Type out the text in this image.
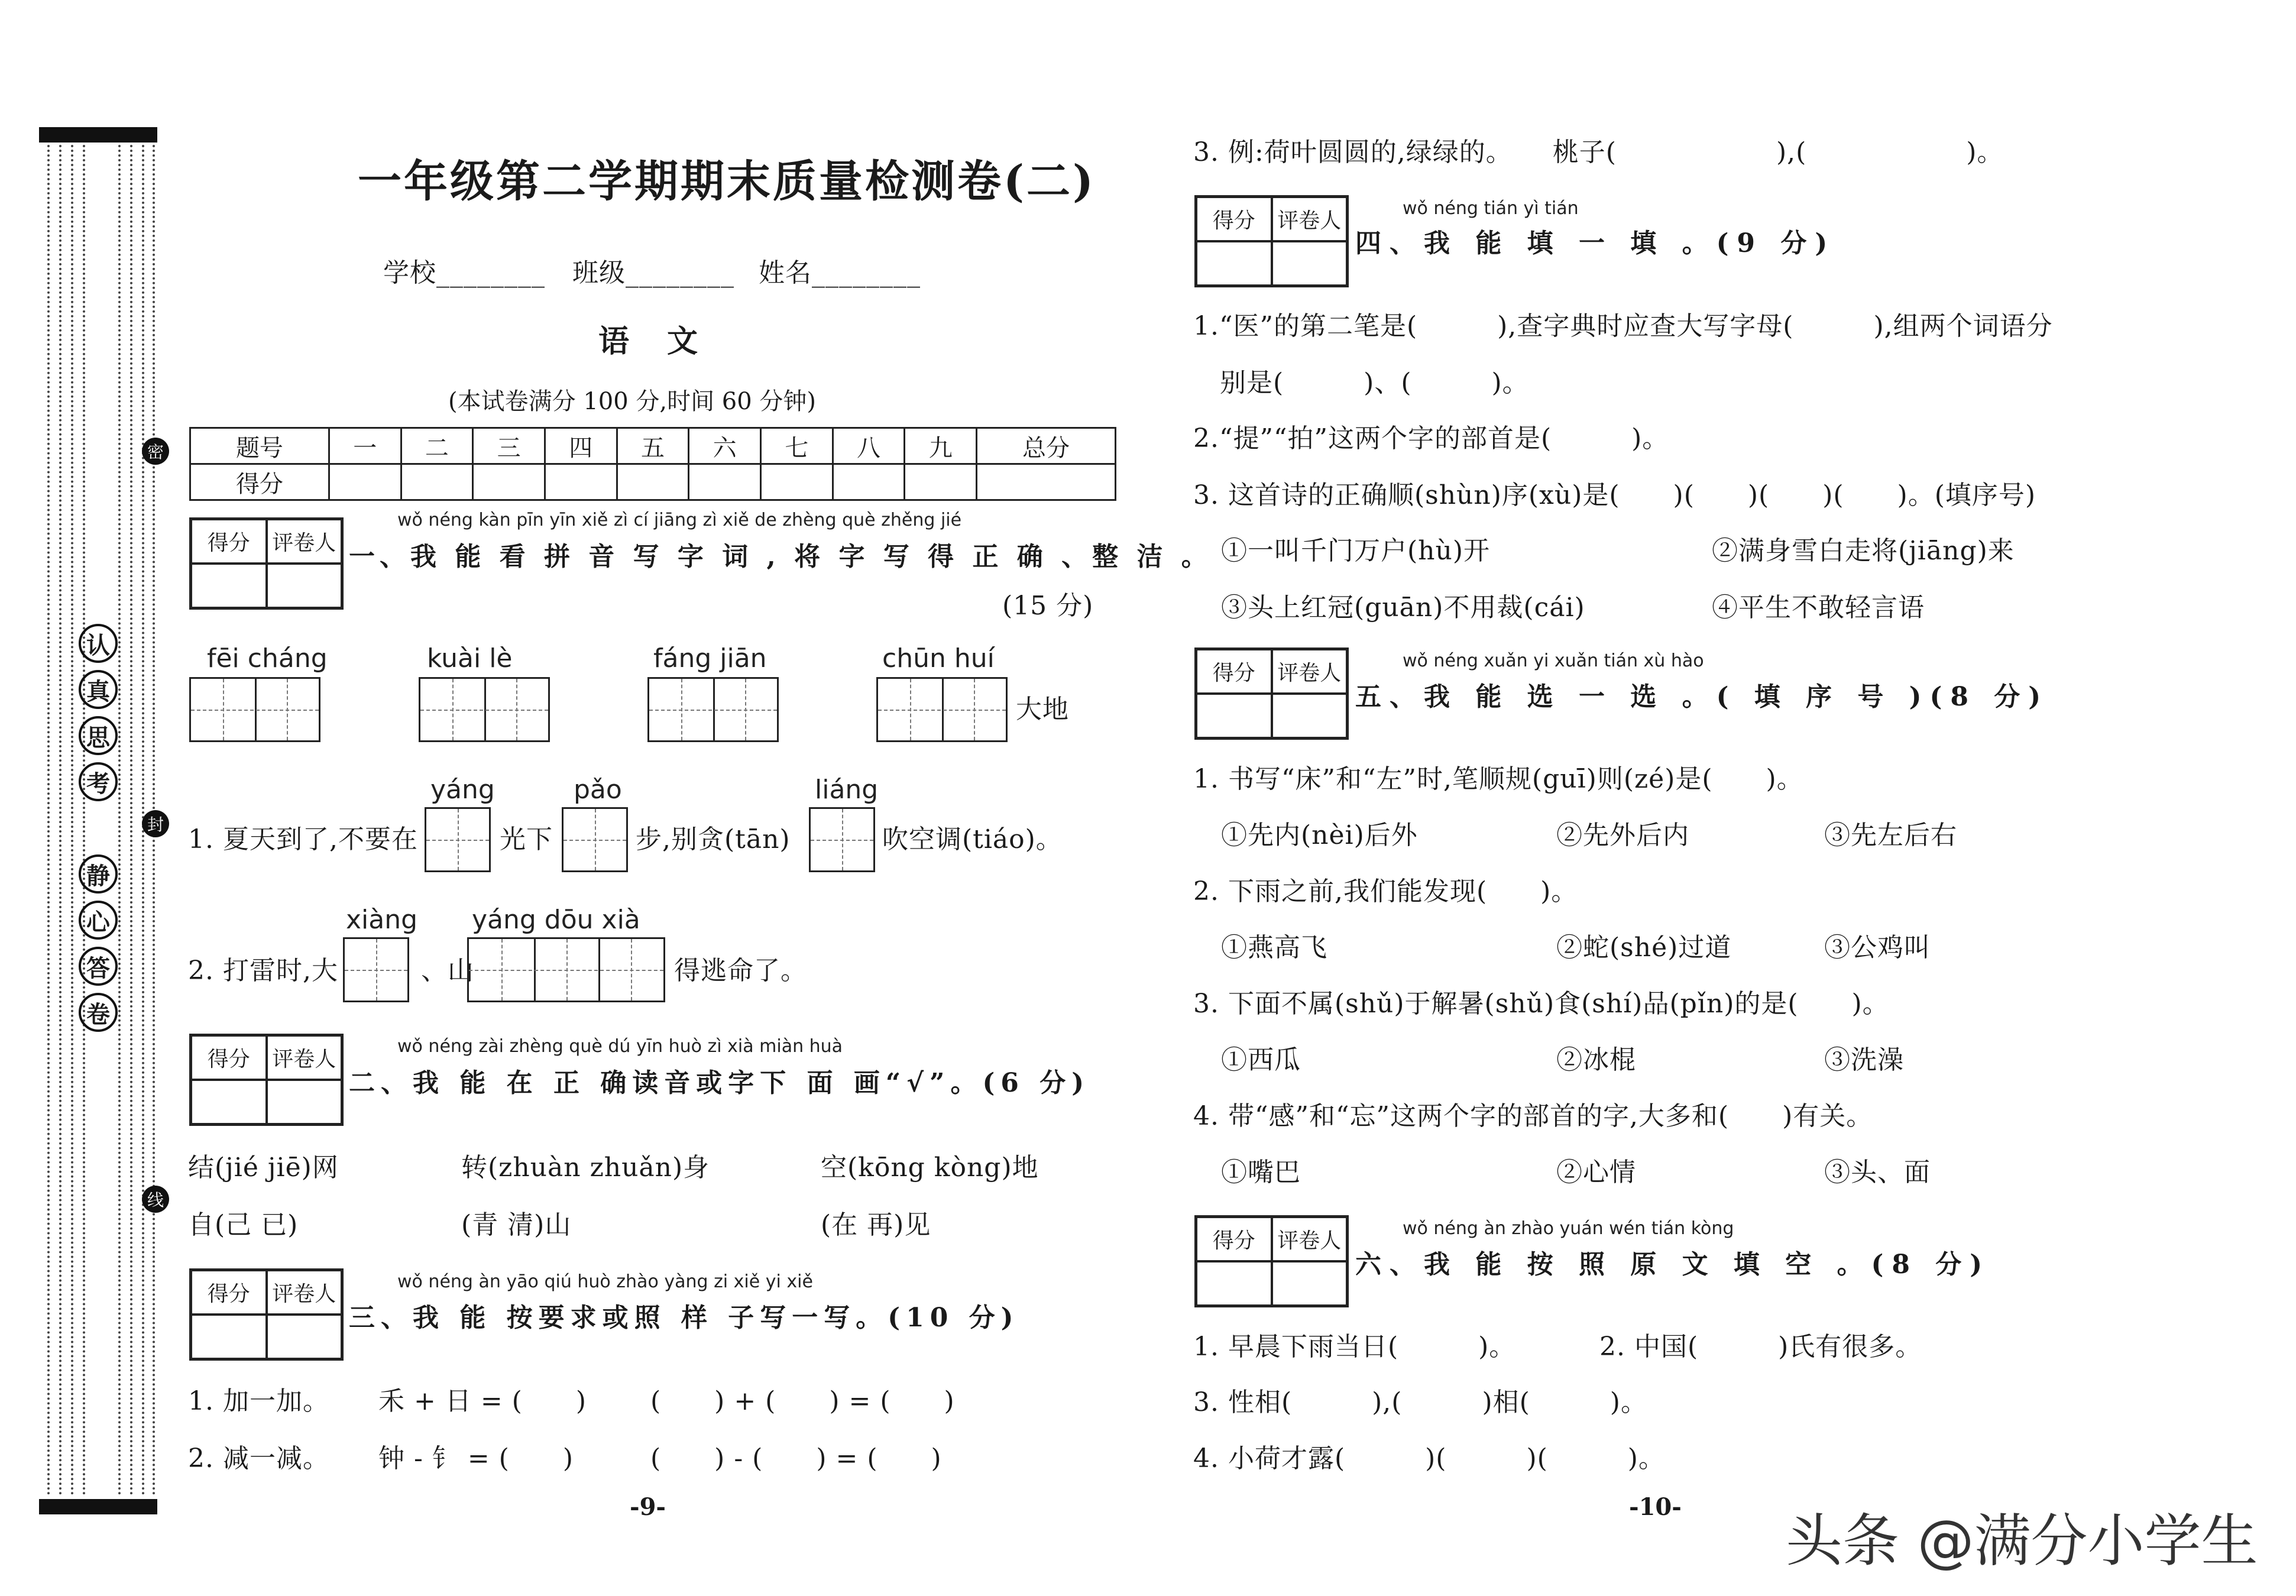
认
真
思
考
静
心
答
卷
密
封
线
一年级第二学期期末质量检测卷(二)
学校________ 班级________ 姓名________
语　文
(本试卷满分 100 分,时间 60 分钟)
题号	一	二	三	四	五	六	七	八	九	总分
得分										
得分	评卷人
wǒ néng kàn pīn yīn xiě zì cí jiāng zì xiě de zhèng què zhěng jié
一、我 能 看 拼 音 写 字 词 , 将 字 写 得 正 确 、整 洁 。
(15 分)
fēi cháng	kuài lè	fáng jiān	chūn huí
大地
1. 夏天到了,不要在
yáng
光下
pǎo
步,别贪(tān)
liáng
吹空调(tiáo)。
2. 打雷时,大
xiàng
、山
yáng dōu xià
得逃命了。
得分	评卷人
wǒ néng zài zhèng què dú yīn huò zì xià miàn huà
二、我 能 在 正 确读音或字下 面 画“√”。(6 分)
结(jié jiē)网	转(zhuàn zhuǎn)身	空(kōng kòng)地
自(己 已)	(青 清)山	(在 再)见
得分	评卷人
wǒ néng àn yāo qiú huò zhào yàng zi xiě yi xiě
三、我 能 按要求或照 样 子写一写。(10 分)
1. 加一加。 禾 + 日 = (　　) (　　) + (　　) = (　　)
2. 减一减。 钟 - 钅 = (　　)	(　　) - (　　) = (　　)
-9-
3. 例:荷叶圆圆的,绿绿的。　　桃子(　　　　　　),(　　　　　　)。
得分	评卷人
wǒ néng tián yì tián
四、我 能 填 一 填 。(9 分)
1.“医”的第二笔是(　　　),查字典时应查大写字母(　　　),组两个词语分
　别是(　　　)、(　　　)。
2.“提”“拍”这两个字的部首是(　　　)。
3. 这首诗的正确顺(shùn)序(xù)是(　　)(　　)(　　)(　　)。(填序号)
①一叫千门万户(hù)开	②满身雪白走将(jiāng)来
③头上红冠(guān)不用裁(cái)	④平生不敢轻言语
得分	评卷人
wǒ néng xuǎn yi xuǎn tián xù hào
五、我 能 选 一 选 。( 填 序 号 )(8 分)
1. 书写“床”和“左”时,笔顺规(guī)则(zé)是(　　)。
①先内(nèi)后外	②先外后内	③先左后右
2. 下雨之前,我们能发现(　　)。
①燕高飞	②蛇(shé)过道	③公鸡叫
3. 下面不属(shǔ)于解暑(shǔ)食(shí)品(pǐn)的是(　　)。
①西瓜	②冰棍	③洗澡
4. 带“感”和“忘”这两个字的部首的字,大多和(　　)有关。
①嘴巴	②心情	③头、面
得分	评卷人
wǒ néng àn zhào yuán wén tián kòng
六、我 能 按 照 原 文 填 空 。(8 分)
1. 早晨下雨当日(　　　)。	2. 中国(　　　)氏有很多。
3. 性相(　　　),(　　　)相(　　　)。
4. 小荷才露(　　　)(　　　)(　　　)。
-10-
头条 @满分小学生
